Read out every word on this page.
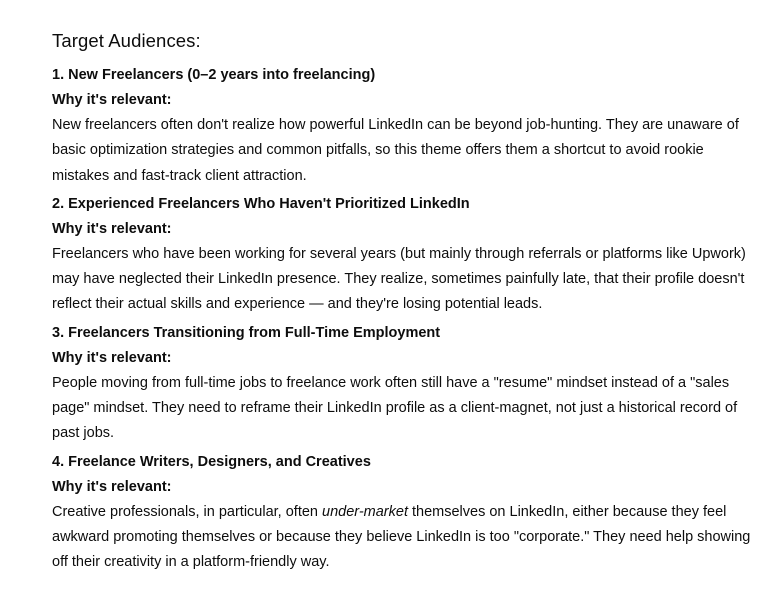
Target Audiences:
1. New Freelancers (0–2 years into freelancing)
Why it's relevant:

New freelancers often don't realize how powerful LinkedIn can be beyond job-hunting. They are unaware of basic optimization strategies and common pitfalls, so this theme offers them a shortcut to avoid rookie mistakes and fast-track client attraction.

2. Experienced Freelancers Who Haven't Prioritized LinkedIn
Why it's relevant:

Freelancers who have been working for several years (but mainly through referrals or platforms like Upwork) may have neglected their LinkedIn presence. They realize, sometimes painfully late, that their profile doesn't reflect their actual skills and experience — and they're losing potential leads.

3. Freelancers Transitioning from Full-Time Employment
Why it's relevant:

People moving from full-time jobs to freelance work often still have a "resume" mindset instead of a "sales page" mindset. They need to reframe their LinkedIn profile as a client-magnet, not just a historical record of past jobs.

4. Freelance Writers, Designers, and Creatives
Why it's relevant:

Creative professionals, in particular, often under-market themselves on LinkedIn, either because they feel awkward promoting themselves or because they believe LinkedIn is too "corporate." They need help showing off their creativity in a platform-friendly way.
